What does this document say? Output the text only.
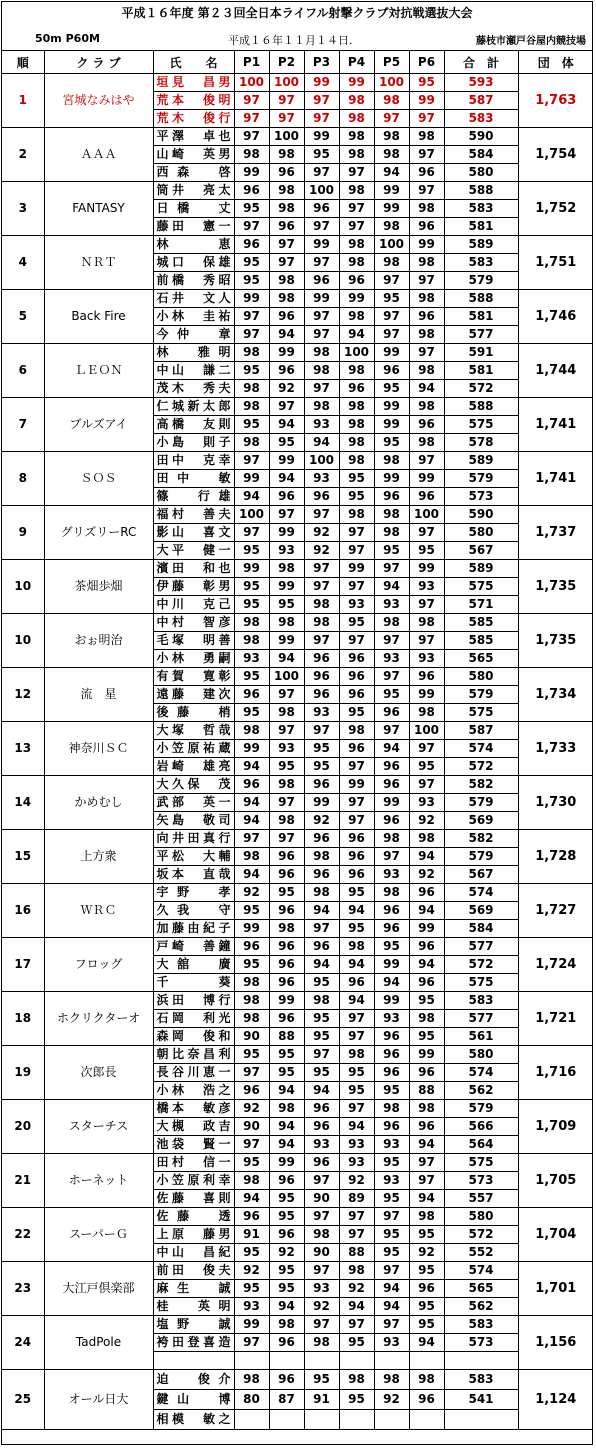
平成１６年度 第２３回全日本ライフル射撃クラブ対抗戦選抜大会
50m P60M	平成１６年１１月１４日.	藤枝市瀬戸谷屋内競技場
順	ク ラ ブ	氏　　名	P1	P2	P3	P4	P5	P6	合　計	団　体
1	宮城なみはや	垣見　昌男	100	100	99	99	100	95	593	1,763
		荒本　俊明	97	97	97	98	98	99	587	
		荒木　俊行	97	97	97	98	97	97	583	
2	ＡＡＡ	平澤　卓也	97	100	99	98	98	98	590	1,754
		山崎　英男	98	98	95	98	98	97	584	
		西森　啓	99	96	97	97	94	96	580	
3	FANTASY	筒井　亮太	96	98	100	98	99	97	588	1,752
		日橋　丈	95	98	96	97	99	98	583	
		藤田　憲一	97	96	97	97	98	96	581	
4	ＮＲＴ	林　恵	96	97	99	98	100	99	589	1,751
		城口　保雄	95	97	97	98	98	98	583	
		前橋　秀昭	95	98	96	96	97	97	579	
5	Back Fire	石井　文人	99	98	99	99	95	98	588	1,746
		小林　圭祐	97	96	97	98	97	96	581	
		今仲　章	97	94	97	94	97	98	577	
6	ＬＥＯＮ	林　雅明	98	99	98	100	99	97	591	1,744
		中山　謙二	95	96	98	98	96	98	581	
		茂木　秀夫	98	92	97	96	95	94	572	
7	ブルズアイ	仁城新太郎	98	97	98	98	99	98	588	1,741
		高橋　友則	95	94	93	98	99	96	575	
		小島　則子	98	95	94	98	95	98	578	
8	ＳＯＳ	田中　克幸	97	99	100	98	98	97	589	1,741
		田中　敏	99	94	93	95	99	99	579	
		篠　行雄	94	96	96	95	96	96	573	
9	グリズリーRC	福村　善夫	100	97	97	98	98	100	590	1,737
		影山　喜文	97	99	92	97	98	97	580	
		大平　健一	95	93	92	97	95	95	567	
10	茶畑歩畑	濱田　和也	99	98	97	99	97	99	589	1,735
		伊藤　彰男	95	99	97	97	94	93	575	
		中川　克己	95	95	98	93	93	97	571	
10	おぉ明治	中村　智彦	98	98	98	95	98	98	585	1,735
		毛塚　明善	98	99	97	97	97	97	585	
		小林　勇嗣	93	94	96	96	93	93	565	
12	流　星	有賀　寛彰	95	100	96	96	97	96	580	1,734
		遠藤　建次	96	97	96	96	95	99	579	
		後藤　梢	95	98	93	95	96	98	575	
13	神奈川ＳＣ	大塚　哲哉	98	97	97	98	97	100	587	1,733
		小笠原祐蔵	99	93	95	96	94	97	574	
		岩崎　雄亮	94	95	95	97	96	95	572	
14	かめむし	大久保　茂	96	98	96	99	96	97	582	1,730
		武部　英一	94	97	99	97	99	93	579	
		矢島　敬司	94	98	92	97	96	92	569	
15	上方衆	向井田真行	97	97	96	96	98	98	582	1,728
		平松　大輔	98	96	98	96	97	94	579	
		坂本　直哉	94	96	96	96	93	92	567	
16	ＷＲＣ	宇野　孝	92	95	98	95	98	96	574	1,727
		久我　守	95	96	94	94	96	94	569	
		加藤由紀子	99	98	97	95	96	99	584	
17	フロッグ	戸崎　善鐘	96	96	96	98	95	96	577	1,724
		大舘　廣	95	96	94	94	99	94	572	
		千　葵	98	96	95	96	94	96	575	
18	ホクリクターオ	浜田　博行	98	99	98	94	99	95	583	1,721
		石岡　利光	98	96	95	97	93	98	577	
		森岡　俊和	90	88	95	97	96	95	561	
19	次郎長	朝比奈昌利	95	95	97	98	96	99	580	1,716
		長谷川恵一	97	95	95	95	96	96	574	
		小林　浩之	96	94	94	95	95	88	562	
20	スターチス	橋本　敏彦	92	98	96	97	98	98	579	1,709
		大槻　政吉	90	94	96	94	96	96	566	
		池袋　賢一	97	94	93	93	93	94	564	
21	ホーネット	田村　信一	95	99	96	93	95	97	575	1,705
		小笠原利幸	98	96	97	92	93	97	573	
		佐藤　喜則	94	95	90	89	95	94	557	
22	スーパーＧ	佐藤　透	96	95	97	97	97	98	580	1,704
		上原　藤男	91	96	98	97	95	95	572	
		中山　昌紀	95	92	90	88	95	92	552	
23	大江戸倶楽部	前田　俊夫	92	95	97	98	97	95	574	1,701
		麻生　誠	95	95	93	92	94	96	565	
		桂　英明	93	94	92	94	94	95	562	
24	TadPole	塩野　誠	99	98	97	97	97	95	583	1,156
		袴田登喜造	97	96	98	95	93	94	573	

25	オール日大	迫　俊介	98	96	95	98	98	98	583	1,124
		鍵山　博	80	87	91	95	92	96	541	
		相模　敏之								
